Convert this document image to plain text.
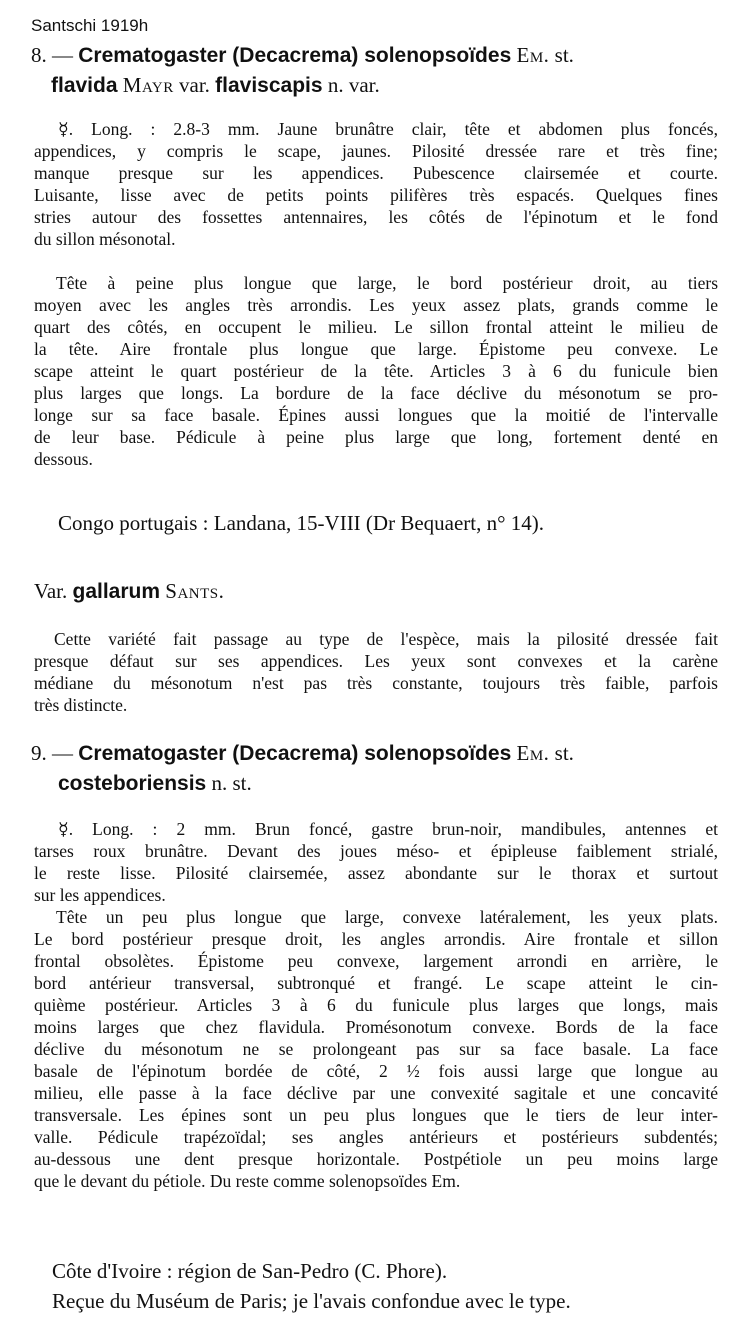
Santschi 1919h
8. — Crematogaster (Decacrema) solenopsoïdes Em. st.
flavida Mayr var. flaviscapis n. var.

☿. Long. : 2.8-3 mm. Jaune brunâtre clair, tête et abdomen plus foncés,
appendices, y compris le scape, jaunes. Pilosité dressée rare et très fine;
manque presque sur les appendices. Pubescence clairsemée et courte.
Luisante, lisse avec de petits points pilifères très espacés. Quelques fines
stries autour des fossettes antennaires, les côtés de l'épinotum et le fond
du sillon mésonotal.

Tête à peine plus longue que large, le bord postérieur droit, au tiers
moyen avec les angles très arrondis. Les yeux assez plats, grands comme le
quart des côtés, en occupent le milieu. Le sillon frontal atteint le milieu de
la tête. Aire frontale plus longue que large. Épistome peu convexe. Le
scape atteint le quart postérieur de la tête. Articles 3 à 6 du funicule bien
plus larges que longs. La bordure de la face déclive du mésonotum se pro-
longe sur sa face basale. Épines aussi longues que la moitié de l'intervalle
de leur base. Pédicule à peine plus large que long, fortement denté en
dessous.

Congo portugais : Landana, 15-VIII (Dr Bequaert, n° 14).
Var. gallarum Sants.

Cette variété fait passage au type de l'espèce, mais la pilosité dressée fait
presque défaut sur ses appendices. Les yeux sont convexes et la carène
médiane du mésonotum n'est pas très constante, toujours très faible, parfois
très distincte.

9. — Crematogaster (Decacrema) solenopsoïdes Em. st.
costeboriensis n. st.

☿. Long. : 2 mm. Brun foncé, gastre brun-noir, mandibules, antennes et
tarses roux brunâtre. Devant des joues méso- et épipleuse faiblement strialé,
le reste lisse. Pilosité clairsemée, assez abondante sur le thorax et surtout
sur les appendices.

Tête un peu plus longue que large, convexe latéralement, les yeux plats.
Le bord postérieur presque droit, les angles arrondis. Aire frontale et sillon
frontal obsolètes. Épistome peu convexe, largement arrondi en arrière, le
bord antérieur transversal, subtronqué et frangé. Le scape atteint le cin-
quième postérieur. Articles 3 à 6 du funicule plus larges que longs, mais
moins larges que chez flavidula. Promésonotum convexe. Bords de la face
déclive du mésonotum ne se prolongeant pas sur sa face basale. La face
basale de l'épinotum bordée de côté, 2 ½ fois aussi large que longue au
milieu, elle passe à la face déclive par une convexité sagitale et une concavité
transversale. Les épines sont un peu plus longues que le tiers de leur inter-
valle. Pédicule trapézoïdal; ses angles antérieurs et postérieurs subdentés;
au-dessous une dent presque horizontale. Postpétiole un peu moins large
que le devant du pétiole. Du reste comme solenopsoïdes Em.

Côte d'Ivoire : région de San-Pedro (C. Phore).
Reçue du Muséum de Paris; je l'avais confondue avec le type.
